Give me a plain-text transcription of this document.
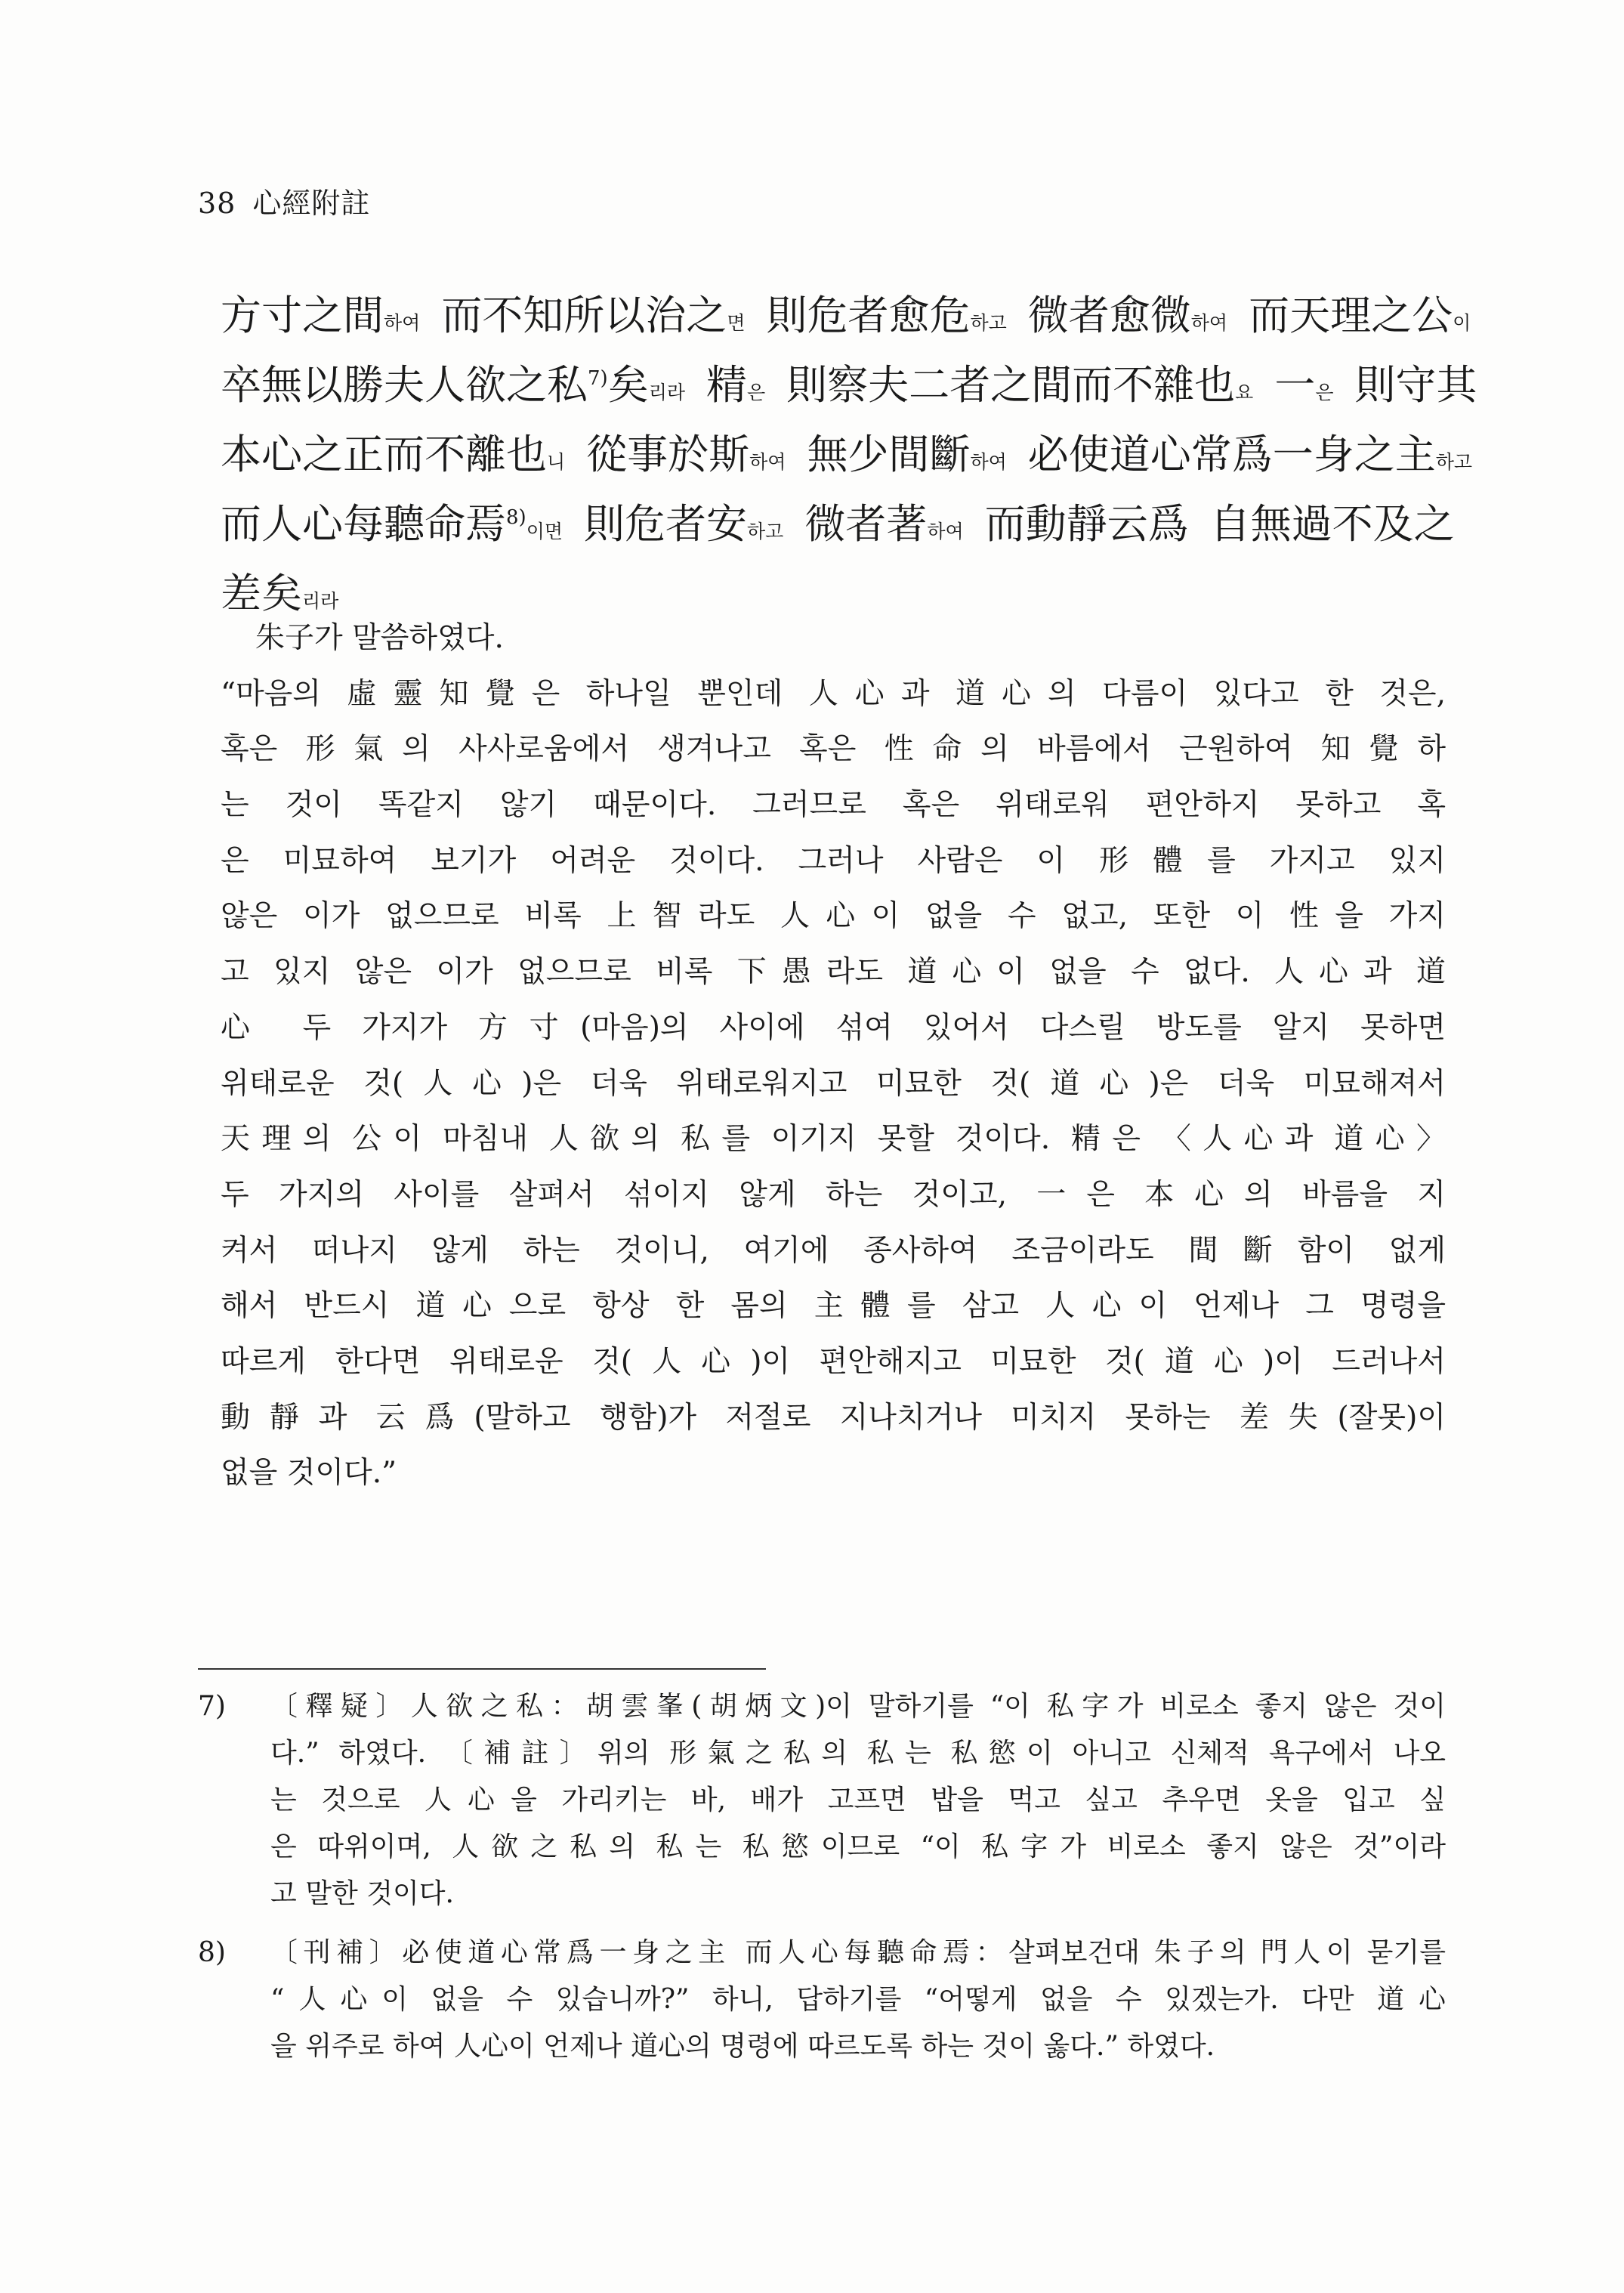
38 心經附註
方寸之間하여 而不知所以治之면 則危者愈危하고 微者愈微하여 而天理之公이
卒無以勝夫人欲之私$^{7)}$矣리라 精은 則察夫二者之間而不雜也요 一은 則守其
本心之正而不離也니 從事於斯하여 無少間斷하여 必使道心常爲一身之主하고
而人心每聽命焉$^{8)}$이면 則危者安하고 微者著하여 而動靜云爲 自無過不及之
差矣리라
朱子가 말씀하였다.
“마음의 虛靈知覺은 하나일 뿐인데 人心과 道心의 다름이 있다고 한 것은,
혹은 形氣의 사사로움에서 생겨나고 혹은 性命의 바름에서 근원하여 知覺하
는 것이 똑같지 않기 때문이다. 그러므로 혹은 위태로워 편안하지 못하고 혹
은 미묘하여 보기가 어려운 것이다. 그러나 사람은 이 形體를 가지고 있지
않은 이가 없으므로 비록 上智라도 人心이 없을 수 없고, 또한 이 性을 가지
고 있지 않은 이가 없으므로 비록 下愚라도 道心이 없을 수 없다. 人心과 道
心 두 가지가 方寸(마음)의 사이에 섞여 있어서 다스릴 방도를 알지 못하면
위태로운 것(人心)은 더욱 위태로워지고 미묘한 것(道心)은 더욱 미묘해져서
天理의 公이 마침내 人欲의 私를 이기지 못할 것이다. 精은 〈人心과 道心〉
두 가지의 사이를 살펴서 섞이지 않게 하는 것이고, 一은 本心의 바름을 지
켜서 떠나지 않게 하는 것이니, 여기에 종사하여 조금이라도 間斷함이 없게
해서 반드시 道心으로 항상 한 몸의 主體를 삼고 人心이 언제나 그 명령을
따르게 한다면 위태로운 것(人心)이 편안해지고 미묘한 것(道心)이 드러나서
動靜과 云爲(말하고 행함)가 저절로 지나치거나 미치지 못하는 差失(잘못)이
없을 것이다.”
7)	〔釋疑〕人欲之私：胡雲峯(胡炳文)이 말하기를 “이 私字가 비로소 좋지 않은 것이
다.” 하였다. 〔補註〕위의 形氣之私의 私는 私慾이 아니고 신체적 욕구에서 나오
는 것으로 人心을 가리키는 바, 배가 고프면 밥을 먹고 싶고 추우면 옷을 입고 싶
은 따위이며, 人欲之私의 私는 私慾이므로 “이 私字가 비로소 좋지 않은 것”이라
고 말한 것이다.
8)	〔刊補〕必使道心常爲一身之主 而人心每聽命焉：살펴보건대 朱子의 門人이 묻기를
“人心이 없을 수 있습니까?” 하니, 답하기를 “어떻게 없을 수 있겠는가. 다만 道心
을 위주로 하여 人心이 언제나 道心의 명령에 따르도록 하는 것이 옳다.” 하였다.
